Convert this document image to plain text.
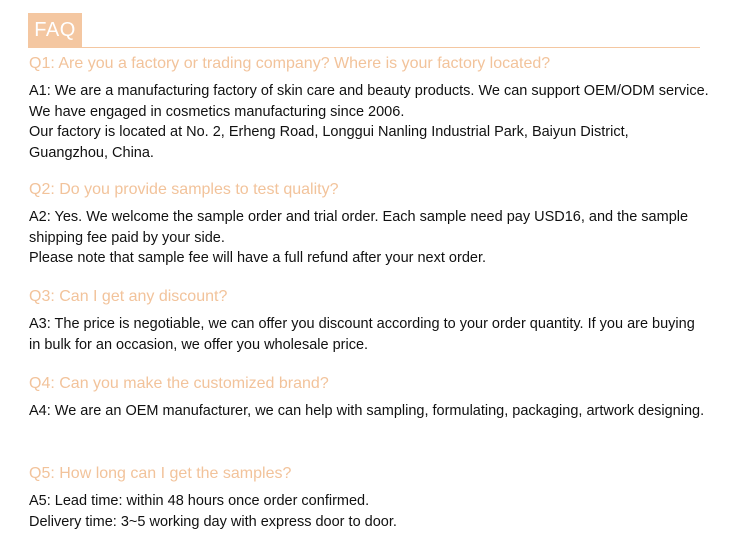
FAQ

Q1: Are you a factory or trading company? Where is your factory located?

A1: We are a manufacturing factory of skin care and beauty products. We can support OEM/ODM service. We have engaged in cosmetics manufacturing since 2006.
Our factory is located at No. 2, Erheng Road, Longgui Nanling Industrial Park, Baiyun District, Guangzhou, China.

Q2: Do you provide samples to test quality?

A2: Yes. We welcome the sample order and trial order. Each sample need pay USD16, and the sample shipping fee paid by your side.
Please note that sample fee will have a full refund after your next order.

Q3: Can I get any discount?

A3: The price is negotiable, we can offer you discount according to your order quantity. If you are buying in bulk for an occasion, we offer you wholesale price.

Q4: Can you make the customized brand?

A4: We are an OEM manufacturer, we can help with sampling, formulating, packaging, artwork designing.

Q5: How long can I get the samples?

A5: Lead time: within 48 hours once order confirmed.
Delivery time: 3~5 working day with express door to door.
